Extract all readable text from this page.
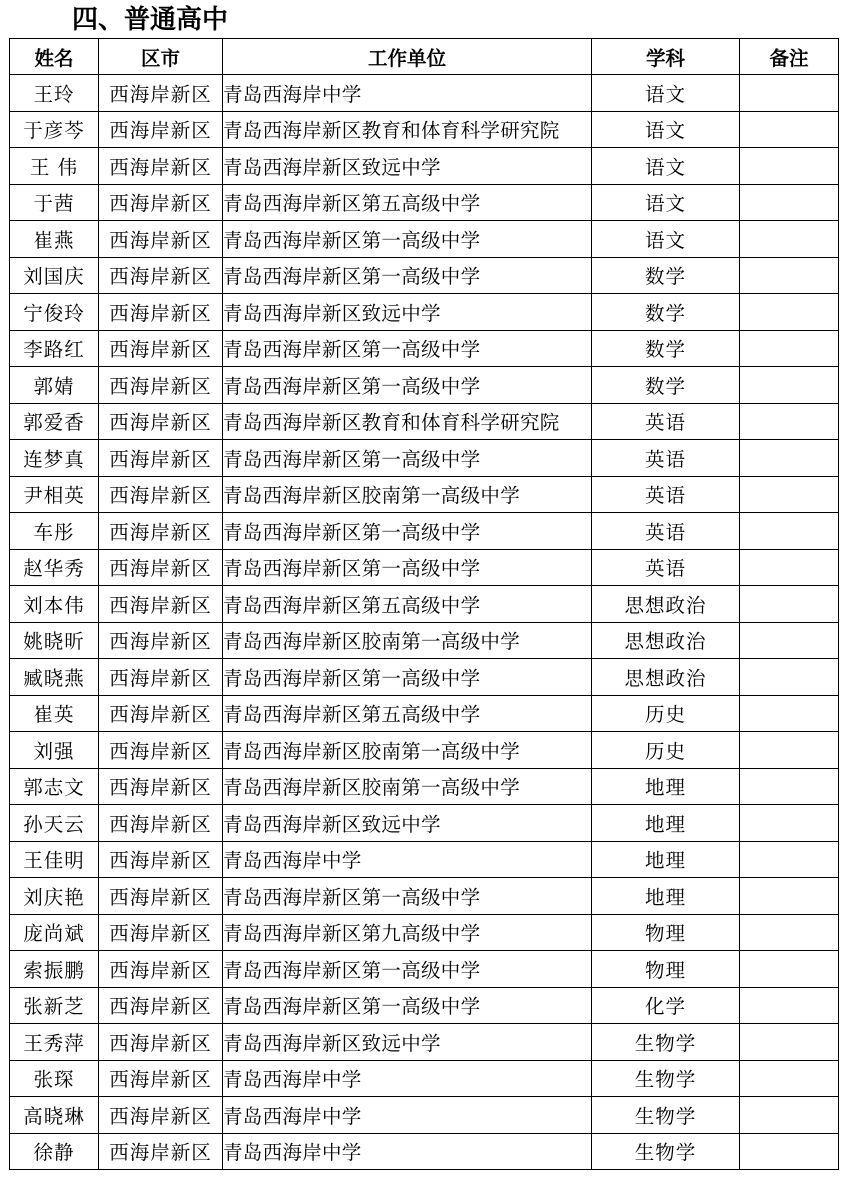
四、普通高中
姓名	区市	工作单位	学科	备注
王玲	西海岸新区	青岛西海岸中学	语文	
于彦芩	西海岸新区	青岛西海岸新区教育和体育科学研究院	语文	
王 伟	西海岸新区	青岛西海岸新区致远中学	语文	
于茜	西海岸新区	青岛西海岸新区第五高级中学	语文	
崔燕	西海岸新区	青岛西海岸新区第一高级中学	语文	
刘国庆	西海岸新区	青岛西海岸新区第一高级中学	数学	
宁俊玲	西海岸新区	青岛西海岸新区致远中学	数学	
李路红	西海岸新区	青岛西海岸新区第一高级中学	数学	
郭婧	西海岸新区	青岛西海岸新区第一高级中学	数学	
郭爱香	西海岸新区	青岛西海岸新区教育和体育科学研究院	英语	
连梦真	西海岸新区	青岛西海岸新区第一高级中学	英语	
尹相英	西海岸新区	青岛西海岸新区胶南第一高级中学	英语	
车彤	西海岸新区	青岛西海岸新区第一高级中学	英语	
赵华秀	西海岸新区	青岛西海岸新区第一高级中学	英语	
刘本伟	西海岸新区	青岛西海岸新区第五高级中学	思想政治	
姚晓昕	西海岸新区	青岛西海岸新区胶南第一高级中学	思想政治	
臧晓燕	西海岸新区	青岛西海岸新区第一高级中学	思想政治	
崔英	西海岸新区	青岛西海岸新区第五高级中学	历史	
刘强	西海岸新区	青岛西海岸新区胶南第一高级中学	历史	
郭志文	西海岸新区	青岛西海岸新区胶南第一高级中学	地理	
孙天云	西海岸新区	青岛西海岸新区致远中学	地理	
王佳明	西海岸新区	青岛西海岸中学	地理	
刘庆艳	西海岸新区	青岛西海岸新区第一高级中学	地理	
庞尚斌	西海岸新区	青岛西海岸新区第九高级中学	物理	
索振鹏	西海岸新区	青岛西海岸新区第一高级中学	物理	
张新芝	西海岸新区	青岛西海岸新区第一高级中学	化学	
王秀萍	西海岸新区	青岛西海岸新区致远中学	生物学	
张琛	西海岸新区	青岛西海岸中学	生物学	
高晓琳	西海岸新区	青岛西海岸中学	生物学	
徐静	西海岸新区	青岛西海岸中学	生物学	
